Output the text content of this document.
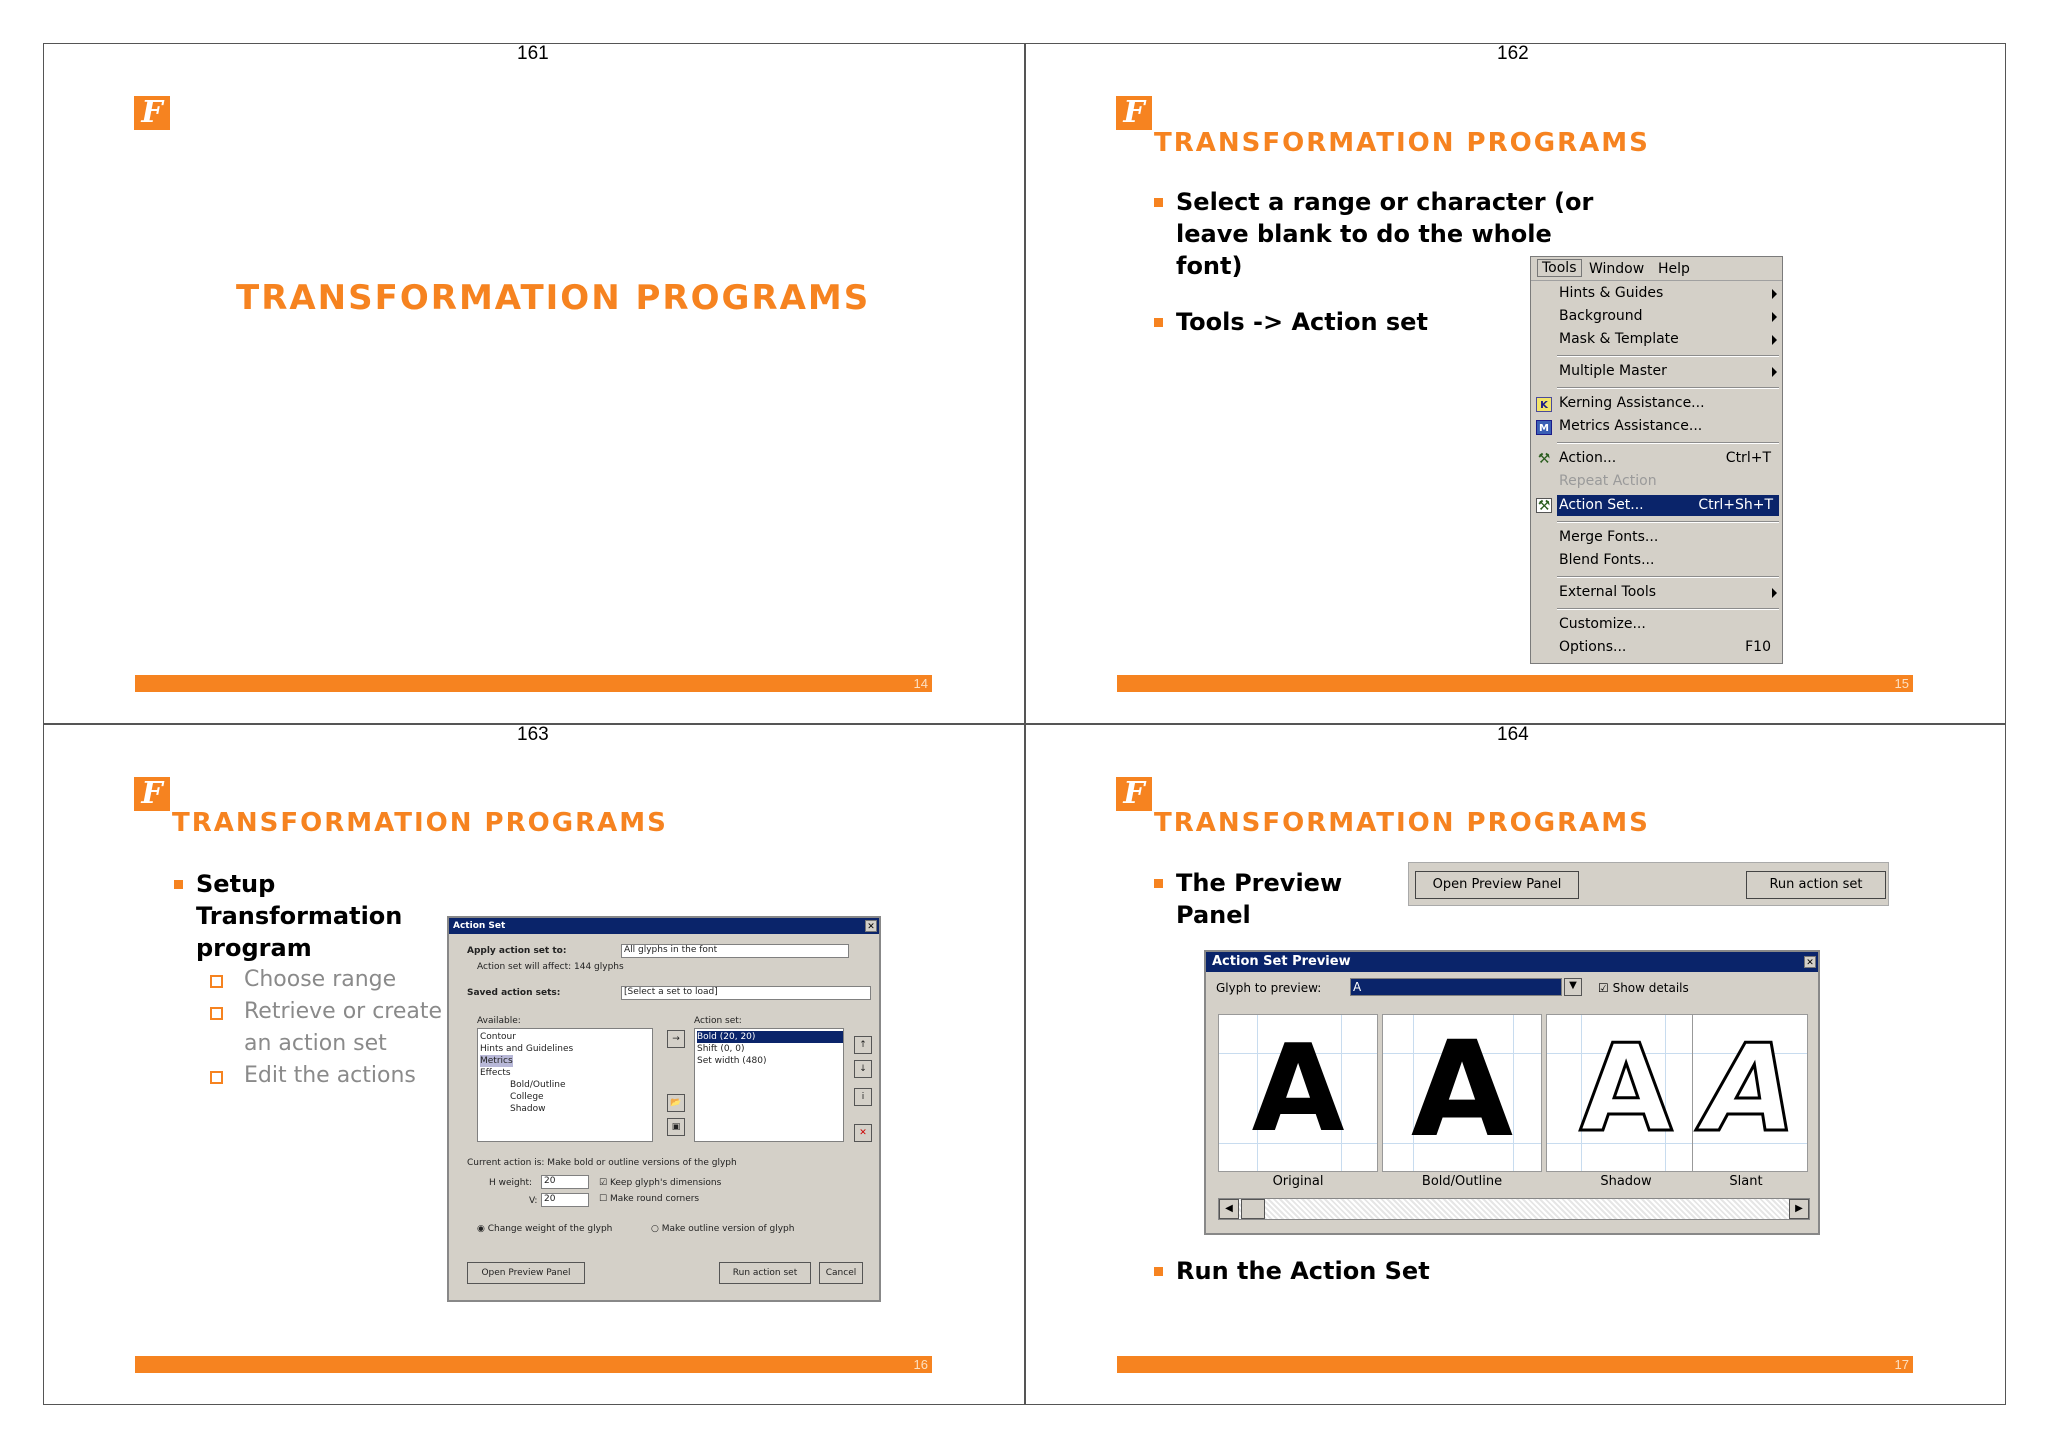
161	162
163	164
F
TRANSFORMATION PROGRAMS
14
F
TRANSFORMATION PROGRAMS
Select a range or character (or
leave blank to do the whole
font)
Tools -> Action set
Tools Window Help
Hints & Guides
Background
Mask & Template
Multiple Master
K Kerning Assistance...
M Metrics Assistance...
⚒ Action...	Ctrl+T
Repeat Action
⚒ Action Set...	Ctrl+Sh+T
Merge Fonts...
Blend Fonts...
External Tools
Customize...
Options...	F10
15
F
TRANSFORMATION PROGRAMS
Setup
Transformation
program
Choose range
Retrieve or create
an action set
Edit the actions
Action Set	✕
Apply action set to:	All glyphs in the font
Action set will affect: 144 glyphs
Saved action sets:	[Select a set to load]
Available:
Contour
Hints and Guidelines
Metrics
Effects
Bold/Outline
College
Shadow
Action set:
Bold (20, 20)
Shift (0, 0)
Set width (480)
→
📂
▣
↑
↓
i
✕
Current action is: Make bold or outline versions of the glyph
H weight:	20
V: 20
☑ Keep glyph's dimensions
☐ Make round corners
◉ Change weight of the glyph	○ Make outline version of glyph
Open Preview Panel	Run action set	Cancel
16
F
TRANSFORMATION PROGRAMS
The Preview Panel
Open Preview Panel	Run action set
Action Set Preview	✕
Glyph to preview:	A	▼	☑ Show details
A A A A
Original	Bold/Outline	Shadow	Slant
◀	▶
Run the Action Set
17
